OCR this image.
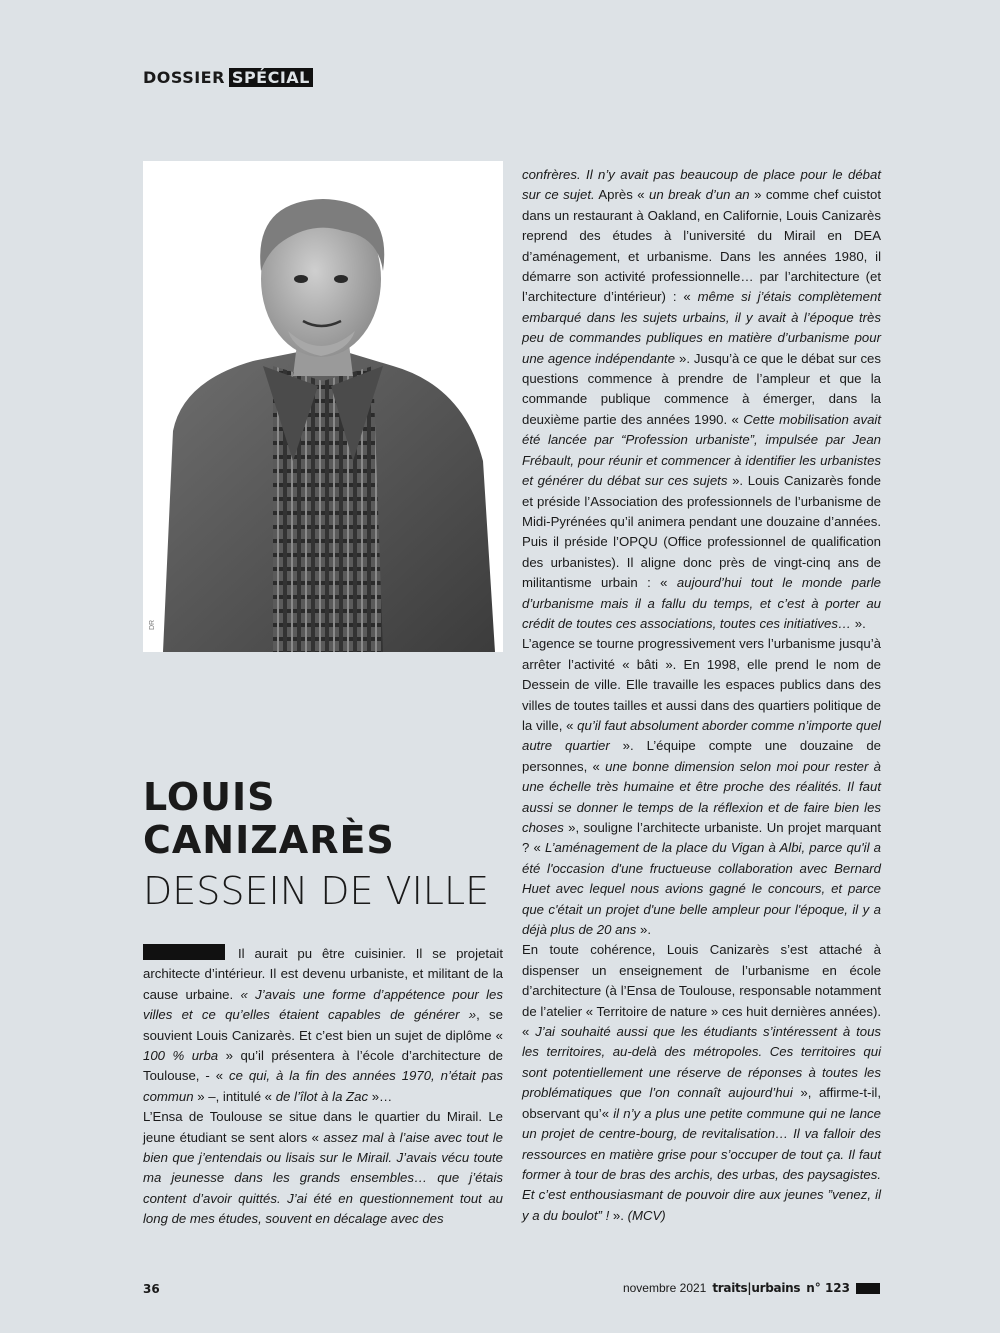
DOSSIER SPÉCIAL
DR
LOUIS CANIZARÈS
DESSEIN DE VILLE

Il aurait pu être cuisinier. Il se projetait architecte d’intérieur. Il est devenu urbaniste, et militant de la cause urbaine. « J’avais une forme d’appétence pour les villes et ce qu’elles étaient capables de générer », se souvient Louis Canizarès. Et c’est bien un sujet de diplôme « 100 % urba » qu’il présentera à l’école d’architecture de Toulouse, - « ce qui, à la fin des années 1970, n’était pas commun » –, intitulé « de l’îlot à la Zac »…

L’Ensa de Toulouse se situe dans le quartier du Mirail. Le jeune étudiant se sent alors « assez mal à l’aise avec tout le bien que j’entendais ou lisais sur le Mirail. J’avais vécu toute ma jeunesse dans les grands ensembles… que j’étais content d’avoir quittés. J’ai été en questionnement tout au long de mes études, souvent en décalage avec des

confrères. Il n’y avait pas beaucoup de place pour le débat sur ce sujet. Après « un break d’un an » comme chef cuistot dans un restaurant à Oakland, en Californie, Louis Canizarès reprend des études à l’université du Mirail en DEA d’aménagement, et urbanisme. Dans les années 1980, il démarre son activité professionnelle… par l’architecture (et l’architecture d’intérieur) : « même si j’étais complètement embarqué dans les sujets urbains, il y avait à l’époque très peu de commandes publiques en matière d’urbanisme pour une agence indépendante ». Jusqu’à ce que le débat sur ces questions commence à prendre de l’ampleur et que la commande publique commence à émerger, dans la deuxième partie des années 1990. « Cette mobilisation avait été lancée par “Profession urbaniste”, impulsée par Jean Frébault, pour réunir et commencer à identifier les urbanistes et générer du débat sur ces sujets ». Louis Canizarès fonde et préside l’Association des professionnels de l’urbanisme de Midi-Pyrénées qu’il animera pendant une douzaine d’années. Puis il préside l’OPQU (Office professionnel de qualification des urbanistes). Il aligne donc près de vingt-cinq ans de militantisme urbain : « aujourd’hui tout le monde parle d’urbanisme mais il a fallu du temps, et c’est à porter au crédit de toutes ces associations, toutes ces initiatives… ».

L’agence se tourne progressivement vers l’urbanisme jusqu’à arrêter l’activité « bâti ». En 1998, elle prend le nom de Dessein de ville. Elle travaille les espaces publics dans des villes de toutes tailles et aussi dans des quartiers politique de la ville, « qu’il faut absolument aborder comme n’importe quel autre quartier ». L’équipe compte une douzaine de personnes, « une bonne dimension selon moi pour rester à une échelle très humaine et être proche des réalités. Il faut aussi se donner le temps de la réflexion et de faire bien les choses », souligne l’architecte urbaniste. Un projet marquant ? « L’aménagement de la place du Vigan à Albi, parce qu'il a été l'occasion d'une fructueuse collaboration avec Bernard Huet avec lequel nous avions gagné le concours, et parce que c'était un projet d'une belle ampleur pour l'époque, il y a déjà plus de 20 ans ».

En toute cohérence, Louis Canizarès s’est attaché à dispenser un enseignement de l’urbanisme en école d’architecture (à l’Ensa de Toulouse, responsable notamment de l’atelier « Territoire de nature » ces huit dernières années). « J’ai souhaité aussi que les étudiants s’intéressent à tous les territoires, au-delà des métropoles. Ces territoires qui sont potentiellement une réserve de réponses à toutes les problématiques que l’on connaît aujourd’hui », affirme-t-il, observant qu’« il n’y a plus une petite commune qui ne lance un projet de centre-bourg, de revitalisation… Il va falloir des ressources en matière grise pour s’occuper de tout ça. Il faut former à tour de bras des archis, des urbas, des paysagistes. Et c’est enthousiasmant de pouvoir dire aux jeunes ”venez, il y a du boulot” ! ». (MCV)

36	novembre 2021 traits|urbains n° 123
